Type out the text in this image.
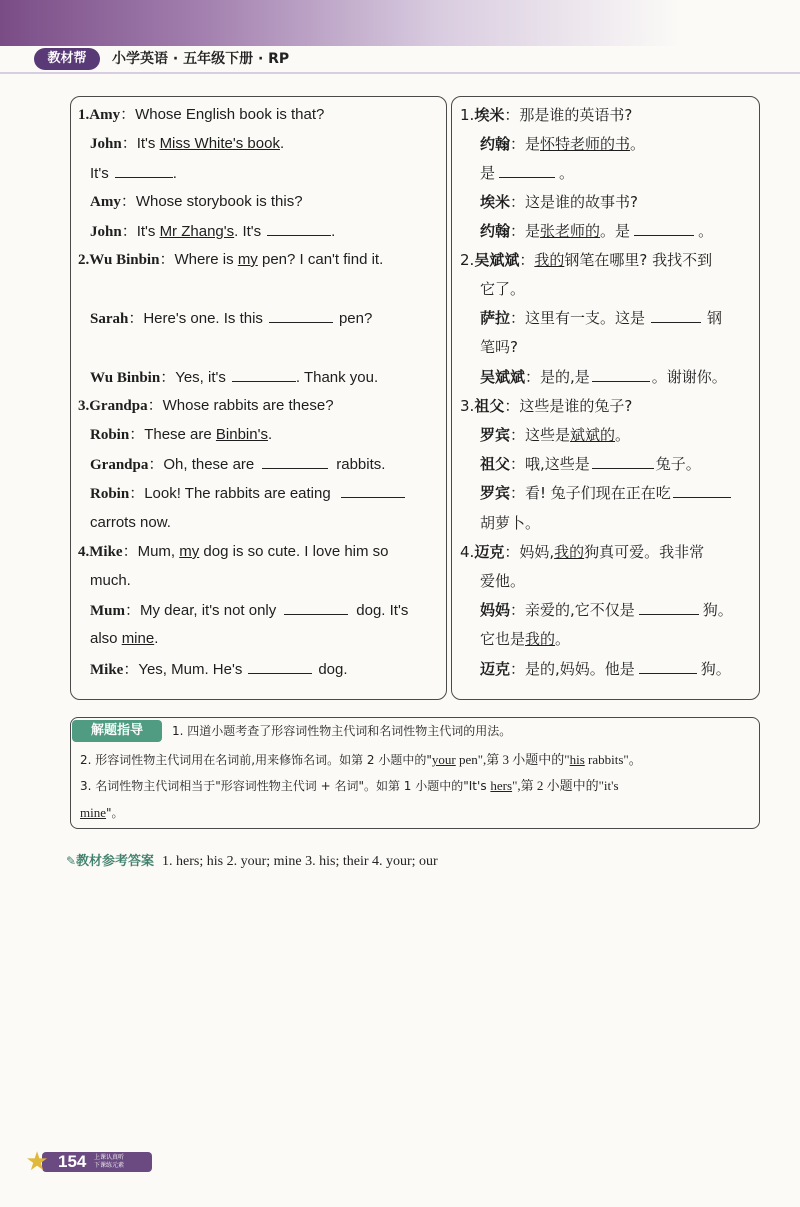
教材帮	小学英语 · 五年级下册 · RP
1.Amy：Whose English book is that?
John：It's Miss White's book.
It's	.
Amy：Whose storybook is this?
John：It's Mr Zhang's. It's	.
2.Wu Binbin：Where is my pen? I can't find it.
Sarah：Here's one. Is this	pen?
Wu Binbin：Yes, it's	. Thank you.
3.Grandpa：Whose rabbits are these?
Robin：These are Binbin's.
Grandpa：Oh, these are	rabbits.
Robin：Look! The rabbits are eating
carrots now.
4.Mike：Mum, my dog is so cute. I love him so
much.
Mum：My dear, it's not only	dog. It's
also mine.
Mike：Yes, Mum. He's	dog.
1.埃米：那是谁的英语书?
约翰：是怀特老师的书。
是	。
埃米：这是谁的故事书?
约翰：是张老师的。是	。
2.吴斌斌：我的钢笔在哪里? 我找不到
它了。
萨拉：这里有一支。这是	钢
笔吗?
吴斌斌：是的,是	。谢谢你。
3.祖父：这些是谁的兔子?
罗宾：这些是斌斌的。
祖父：哦,这些是	兔子。
罗宾：看! 兔子们现在正在吃
胡萝卜。
4.迈克：妈妈,我的狗真可爱。我非常
爱他。
妈妈：亲爱的,它不仅是	狗。
它也是我的。
迈克：是的,妈妈。他是	狗。
解题指导	1. 四道小题考查了形容词性物主代词和名词性物主代词的用法。
2. 形容词性物主代词用在名词前,用来修饰名词。如第 2 小题中的"your pen",第 3 小题中的"his rabbits"。
3. 名词性物主代词相当于"形容词性物主代词 + 名词"。如第 1 小题中的"It's hers",第 2 小题中的"it's
mine"。
✎教材参考答案 1. hers; his 2. your; mine 3. his; their 4. your; our
★ 154 上课认真听
下课练元素
